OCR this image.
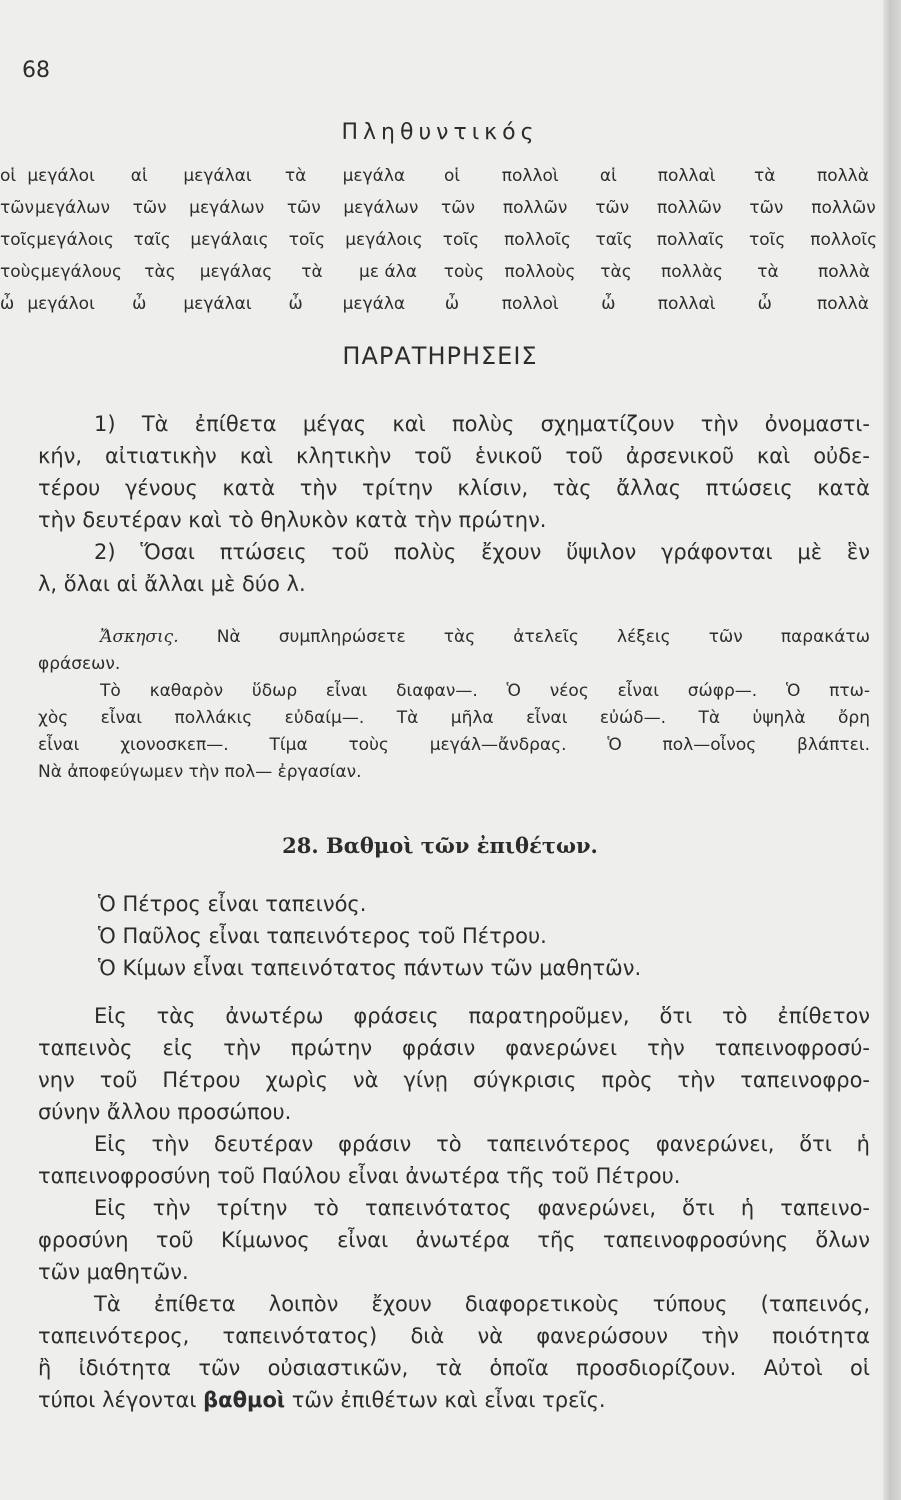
68
Πληθυντικός
οἱ μεγάλοι	αἱ	μεγάλαι	τὰ	μεγάλα	οἱ	πολλοὶ	αἱ	πολλαὶ	τὰ	πολλὰ
τῶν μεγάλων	τῶν	μεγάλων	τῶν	μεγάλων	τῶν	πολλῶν	τῶν	πολλῶν	τῶν	πολλῶν
τοῖς μεγάλοις	ταῖς	μεγάλαις	τοῖς	μεγάλοις	τοῖς	πολλοῖς	ταῖς	πολλαῖς	τοῖς	πολλοῖς
τοὺς μεγάλους	τὰς	μεγάλας	τὰ	με άλα	τοὺς	πολλοὺς	τὰς	πολλὰς	τὰ	πολλὰ
ὦ μεγάλοι	ὦ	μεγάλαι	ὦ	μεγάλα	ὦ	πολλοὶ	ὦ	πολλαὶ	ὦ	πολλὰ
ΠΑΡΑΤΗΡΗΣΕΙΣ
1) Τὰ ἐπίθετα μέγας καὶ πολὺς σχηματίζουν τὴν ὀνομαστι-
κήν, αἰτιατικὴν καὶ κλητικὴν τοῦ ἑνικοῦ τοῦ ἀρσενικοῦ καὶ οὐδε-
τέρου γένους κατὰ τὴν τρίτην κλίσιν, τὰς ἄλλας πτώσεις κατὰ
τὴν δευτέραν καὶ τὸ θηλυκὸν κατὰ τὴν πρώτην.
2) Ὅσαι πτώσεις τοῦ πολὺς ἔχουν ὕψιλον γράφονται μὲ ἓν
λ, ὅλαι αἱ ἄλλαι μὲ δύο λ.
Ἄσκησις. Νὰ συμπληρώσετε τὰς ἀτελεῖς λέξεις τῶν παρακάτω
φράσεων.
Τὸ καθαρὸν ὕδωρ εἶναι διαφαν—. Ὁ νέος εἶναι σώφρ—. Ὁ πτω-
χὸς εἶναι πολλάκις εὐδαίμ—. Τὰ μῆλα εἶναι εὐώδ—. Τὰ ὑψηλὰ ὄρη
εἶναι χιονοσκεπ—. Τίμα τοὺς μεγάλ—ἄνδρας. Ὁ πολ—οἶνος βλάπτει.
Νὰ ἀποφεύγωμεν τὴν πολ— ἐργασίαν.
28. Βαθμοὶ τῶν ἐπιθέτων.
Ὁ Πέτρος εἶναι ταπεινός.
Ὁ Παῦλος εἶναι ταπεινότερος τοῦ Πέτρου.
Ὁ Κίμων εἶναι ταπεινότατος πάντων τῶν μαθητῶν.
Εἰς τὰς ἀνωτέρω φράσεις παρατηροῦμεν, ὅτι τὸ ἐπίθετον
ταπεινὸς εἰς τὴν πρώτην φράσιν φανερώνει τὴν ταπεινοφροσύ-
νην τοῦ Πέτρου χωρὶς νὰ γίνῃ σύγκρισις πρὸς τὴν ταπεινοφρο-
σύνην ἄλλου προσώπου.
Εἰς τὴν δευτέραν φράσιν τὸ ταπεινότερος φανερώνει, ὅτι ἡ
ταπεινοφροσύνη τοῦ Παύλου εἶναι ἀνωτέρα τῆς τοῦ Πέτρου.
Εἰς τὴν τρίτην τὸ ταπεινότατος φανερώνει, ὅτι ἡ ταπεινο-
φροσύνη τοῦ Κίμωνος εἶναι ἀνωτέρα τῆς ταπεινοφροσύνης ὅλων
τῶν μαθητῶν.
Τὰ ἐπίθετα λοιπὸν ἔχουν διαφορετικοὺς τύπους (ταπεινός,
ταπεινότερος, ταπεινότατος) διὰ νὰ φανερώσουν τὴν ποιότητα
ἢ ἰδιότητα τῶν οὐσιαστικῶν, τὰ ὁποῖα προσδιορίζουν. Αὐτοὶ οἱ
τύποι λέγονται βαθμοὶ τῶν ἐπιθέτων καὶ εἶναι τρεῖς.
